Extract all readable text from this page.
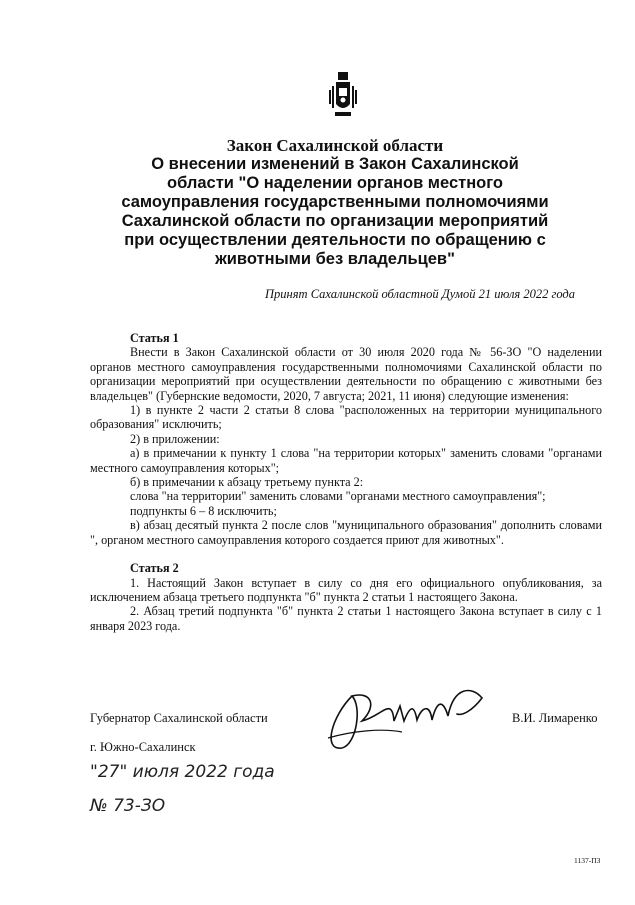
Закон Сахалинской области
О внесении изменений в Закон Сахалинской
области "О наделении органов местного
самоуправления государственными полномочиями
Сахалинской области по организации мероприятий
при осуществлении деятельности по обращению с
животными без владельцев"
Принят Сахалинской областной Думой 21 июля 2022 года

Статья 1

Внести в Закон Сахалинской области от 30 июля 2020 года № 56-ЗО "О наделении органов местного самоуправления государственными полномочиями Сахалинской области по организации мероприятий при осуществлении деятельности по обращению с животными без владельцев" (Губернские ведомости, 2020, 7 августа; 2021, 11 июня) следующие изменения:

1) в пункте 2 части 2 статьи 8 слова "расположенных на территории муниципального образования" исключить;

2) в приложении:

а) в примечании к пункту 1 слова "на территории которых" заменить словами "органами местного самоуправления которых";

б) в примечании к абзацу третьему пункта 2:

слова "на территории" заменить словами "органами местного самоуправления";

подпункты 6 – 8 исключить;

в) абзац десятый пункта 2 после слов "муниципального образования" дополнить словами ", органом местного самоуправления которого создается приют для животных".

Статья 2

1. Настоящий Закон вступает в силу со дня его официального опубликования, за исключением абзаца третьего подпункта "б" пункта 2 статьи 1 настоящего Закона.

2. Абзац третий подпункта "б" пункта 2 статьи 1 настоящего Закона вступает в силу с 1 января 2023 года.

Губернатор Сахалинской области	В.И. Лимаренко
г. Южно-Сахалинск
"27" июля 2022 года
№ 73-ЗО
1137-ПЗ
